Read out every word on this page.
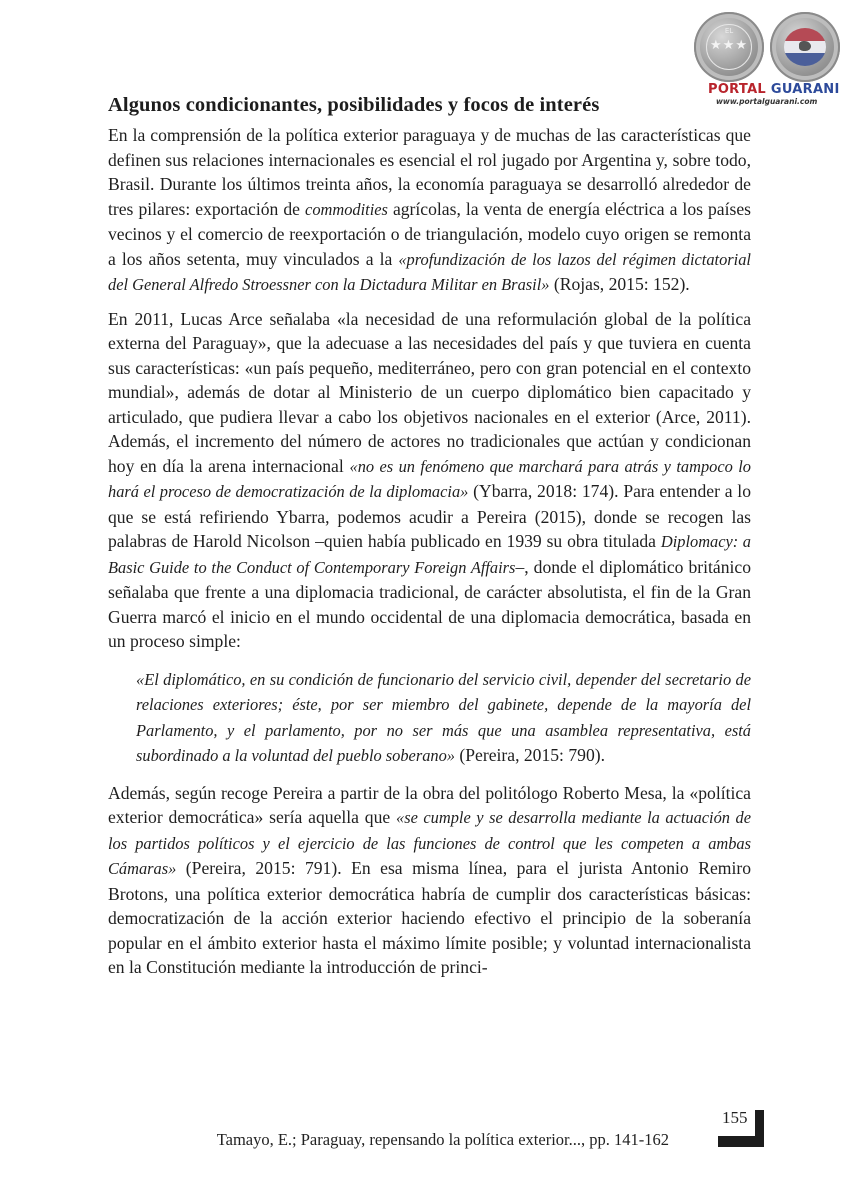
EL
★★★
PORTAL GUARANI
www.portalguarani.com
Algunos condicionantes, posibilidades y focos de interés

En la comprensión de la política exterior paraguaya y de muchas de las características que definen sus relaciones internacionales es esencial el rol jugado por Argentina y, sobre todo, Brasil. Durante los últimos treinta años, la economía paraguaya se desarrolló alrededor de tres pilares: exportación de commodities agrícolas, la venta de energía eléctrica a los países vecinos y el comercio de reexportación o de triangulación, modelo cuyo origen se remonta a los años setenta, muy vinculados a la «profundización de los lazos del régimen dictatorial del General Alfredo Stroessner con la Dictadura Militar en Brasil» (Rojas, 2015: 152).

En 2011, Lucas Arce señalaba «la necesidad de una reformulación global de la política externa del Paraguay», que la adecuase a las necesidades del país y que tuviera en cuenta sus características: «un país pequeño, mediterráneo, pero con gran potencial en el contexto mundial», además de dotar al Ministerio de un cuerpo diplomático bien capacitado y articulado, que pudiera llevar a cabo los objetivos nacionales en el exterior (Arce, 2011). Además, el incremento del número de actores no tradicionales que actúan y condicionan hoy en día la arena internacional «no es un fenómeno que marchará para atrás y tampoco lo hará el proceso de democratización de la diplomacia» (Ybarra, 2018: 174). Para entender a lo que se está refiriendo Ybarra, podemos acudir a Pereira (2015), donde se recogen las palabras de Harold Nicolson –quien había publicado en 1939 su obra titulada Diplomacy: a Basic Guide to the Conduct of Contemporary Foreign Affairs–, donde el diplomático británico señalaba que frente a una diplomacia tradicional, de carácter absolutista, el fin de la Gran Guerra marcó el inicio en el mundo occidental de una diplomacia democrática, basada en un proceso simple:

«El diplomático, en su condición de funcionario del servicio civil, depender del secretario de relaciones exteriores; éste, por ser miembro del gabinete, depende de la mayoría del Parlamento, y el parlamento, por no ser más que una asamblea representativa, está subordinado a la voluntad del pueblo soberano» (Pereira, 2015: 790).

Además, según recoge Pereira a partir de la obra del politólogo Roberto Mesa, la «política exterior democrática» sería aquella que «se cumple y se desarrolla mediante la actuación de los partidos políticos y el ejercicio de las funciones de control que les competen a ambas Cámaras» (Pereira, 2015: 791). En esa misma línea, para el jurista Antonio Remiro Brotons, una política exterior democrática habría de cumplir dos características básicas: democratización de la acción exterior haciendo efectivo el principio de la soberanía popular en el ámbito exterior hasta el máximo límite posible; y voluntad internacionalista en la Constitución mediante la introducción de princi-

Tamayo, E.; Paraguay, repensando la política exterior..., pp. 141-162
155
